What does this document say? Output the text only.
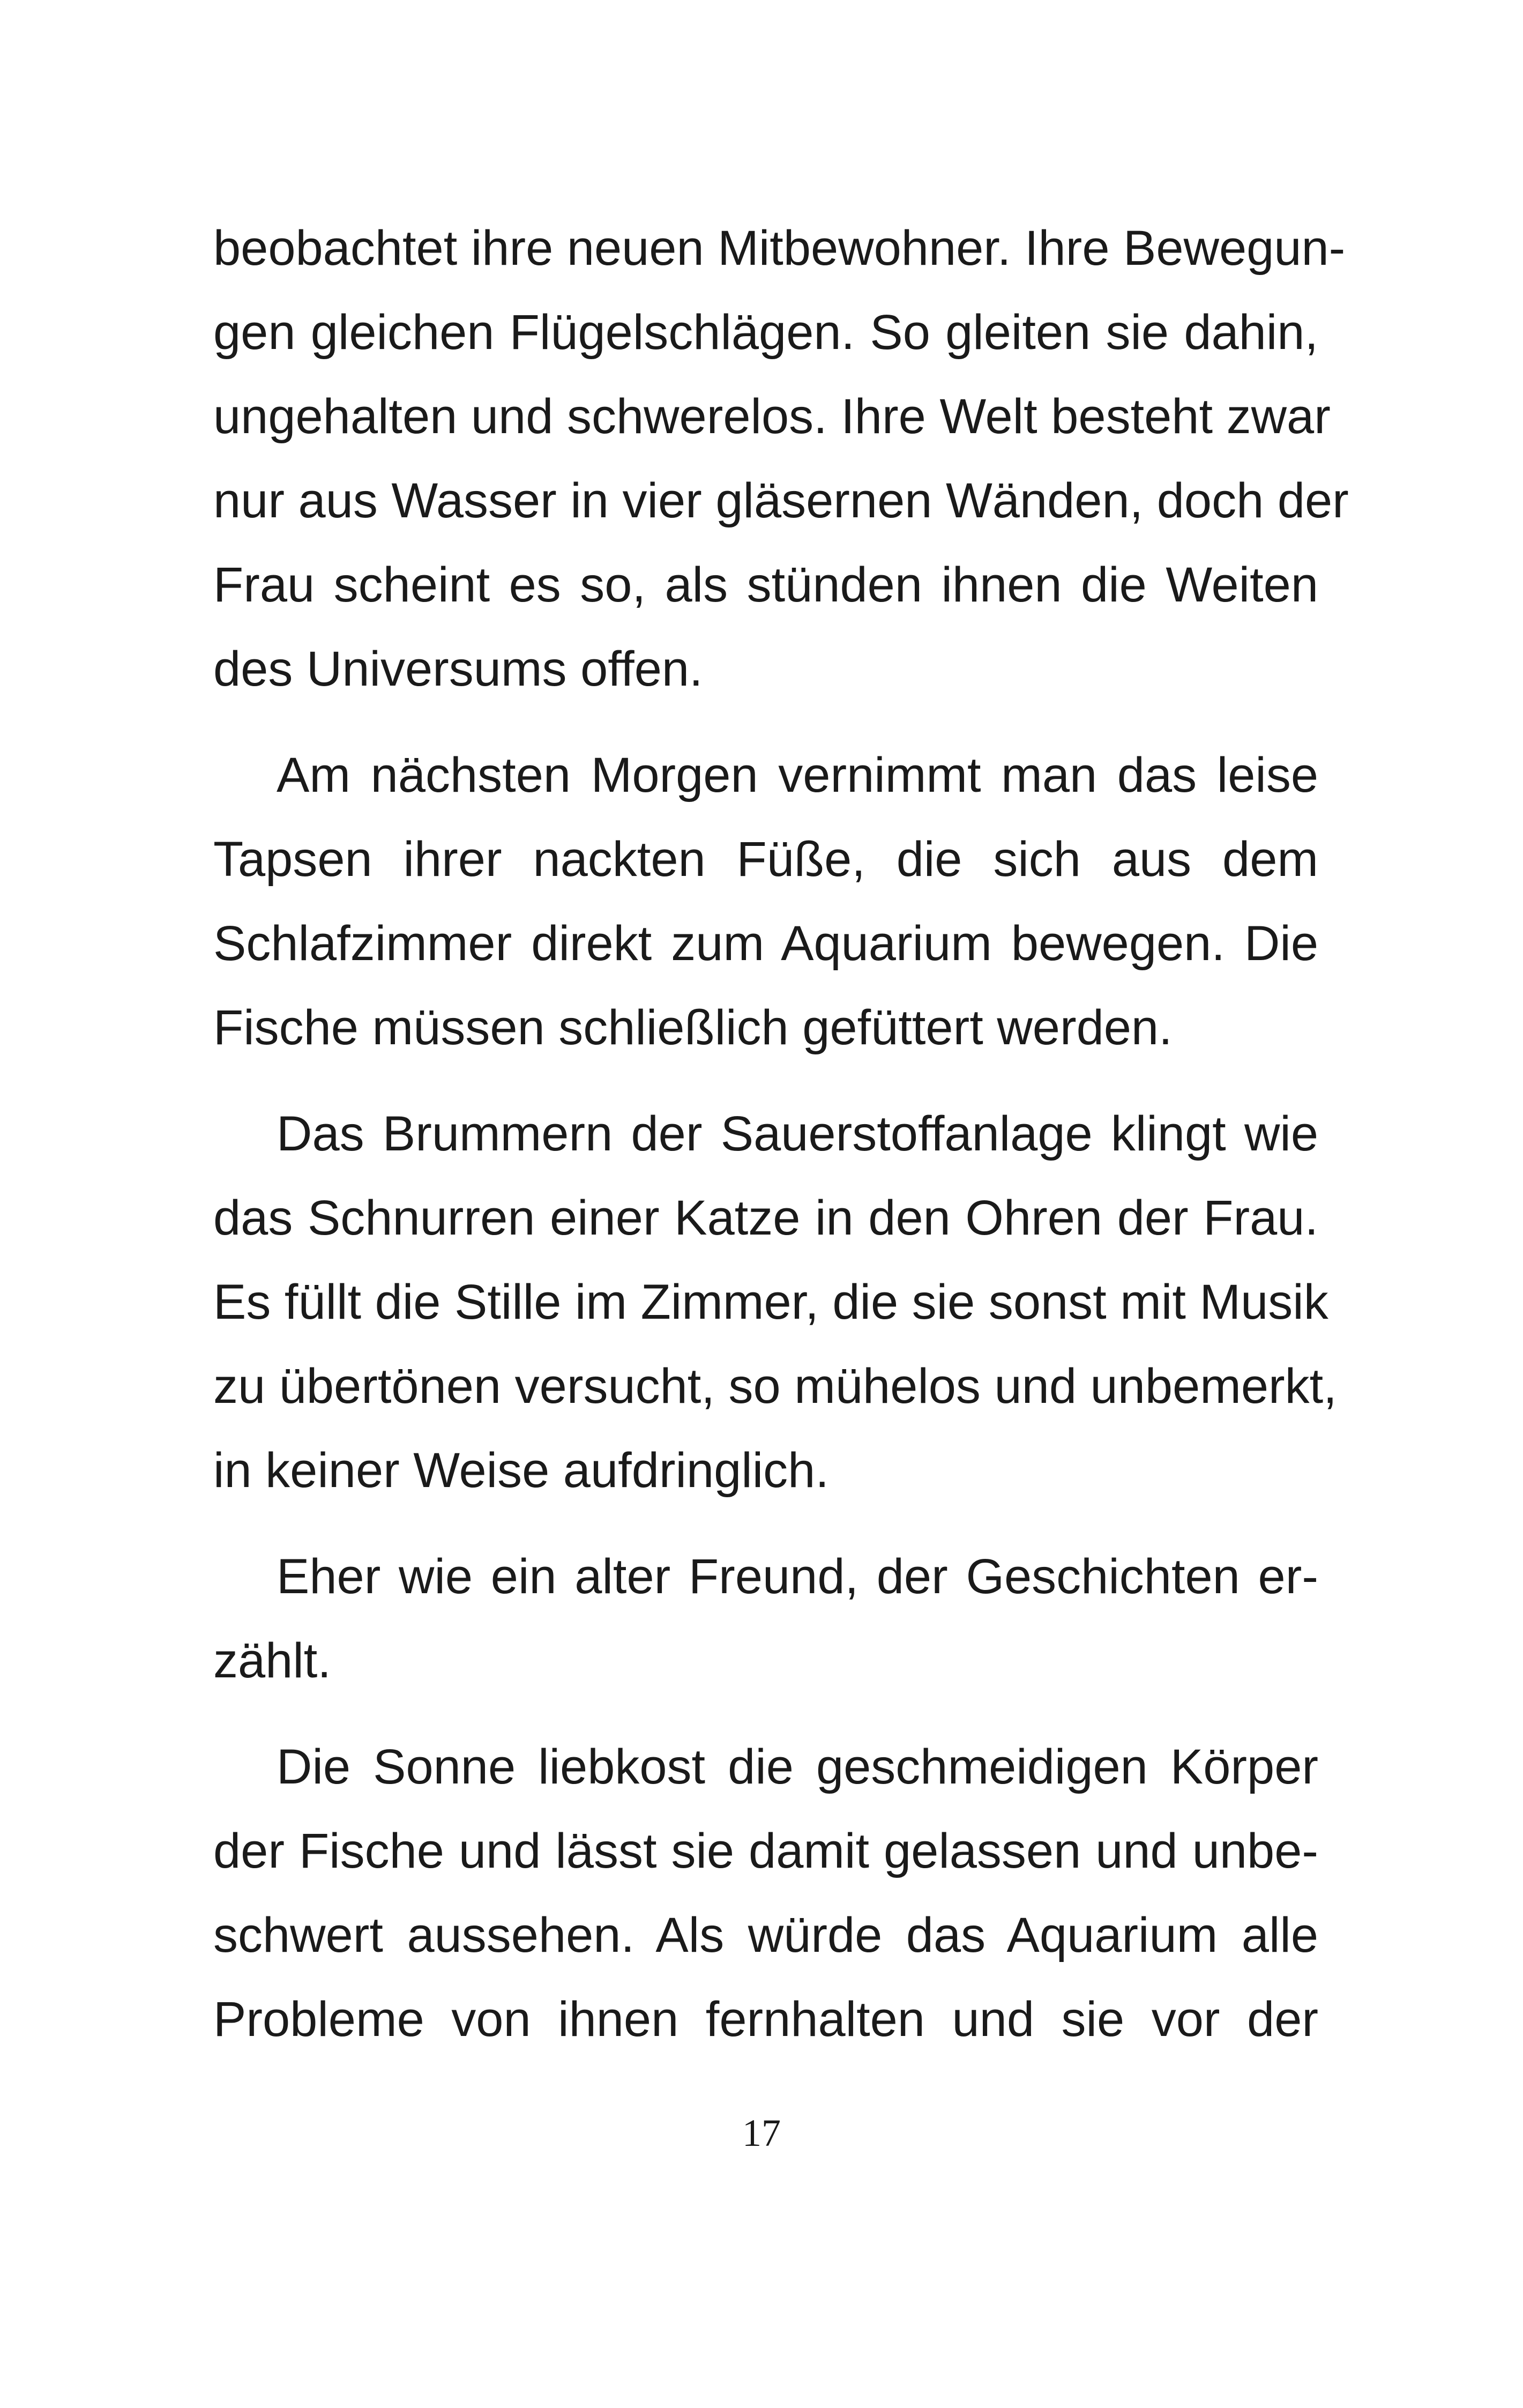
beobachtet ihre neuen Mitbewohner. Ihre Bewegun-
gen gleichen Flügelschlägen. So gleiten sie dahin,
ungehalten und schwerelos. Ihre Welt besteht zwar
nur aus Wasser in vier gläsernen Wänden, doch der
Frau scheint es so, als stünden ihnen die Weiten
des Universums offen.
Am nächsten Morgen vernimmt man das leise
Tapsen ihrer nackten Füße, die sich aus dem
Schlafzimmer direkt zum Aquarium bewegen. Die
Fische müssen schließlich gefüttert werden.
Das Brummern der Sauerstoffanlage klingt wie
das Schnurren einer Katze in den Ohren der Frau.
Es füllt die Stille im Zimmer, die sie sonst mit Musik
zu übertönen versucht, so mühelos und unbemerkt,
in keiner Weise aufdringlich.
Eher wie ein alter Freund, der Geschichten er-
zählt.
Die Sonne liebkost die geschmeidigen Körper
der Fische und lässt sie damit gelassen und unbe-
schwert aussehen. Als würde das Aquarium alle
Probleme von ihnen fernhalten und sie vor der
17
